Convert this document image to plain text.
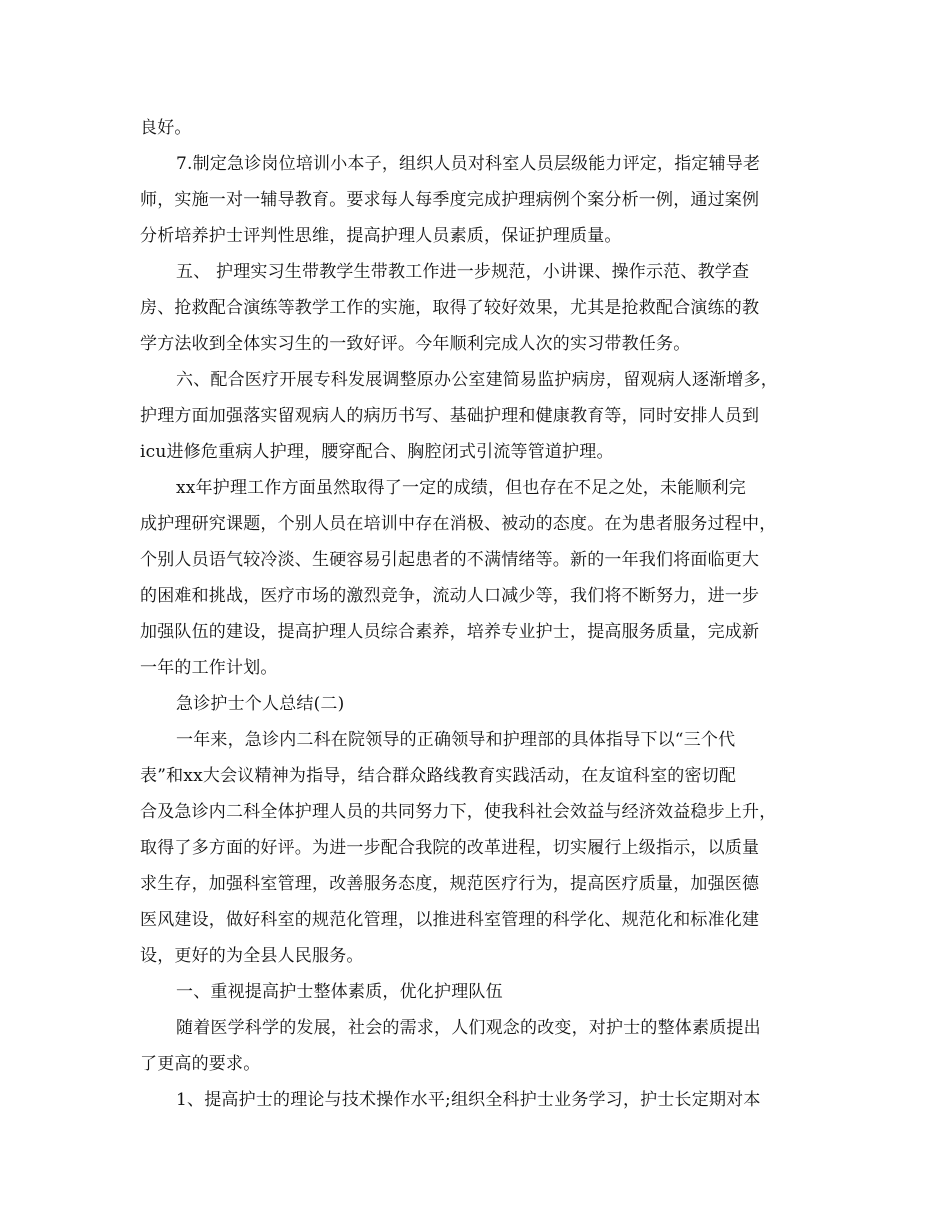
良好。
7.制定急诊岗位培训小本子，组织人员对科室人员层级能力评定，指定辅导老
师，实施一对一辅导教育。要求每人每季度完成护理病例个案分析一例，通过案例
分析培养护士评判性思维，提高护理人员素质，保证护理质量。
五、 护理实习生带教学生带教工作进一步规范，小讲课、操作示范、教学查
房、抢救配合演练等教学工作的实施，取得了较好效果，尤其是抢救配合演练的教
学方法收到全体实习生的一致好评。今年顺利完成人次的实习带教任务。
六、配合医疗开展专科发展调整原办公室建简易监护病房，留观病人逐渐增多，
护理方面加强落实留观病人的病历书写、基础护理和健康教育等，同时安排人员到
icu进修危重病人护理，腰穿配合、胸腔闭式引流等管道护理。
xx年护理工作方面虽然取得了一定的成绩，但也存在不足之处，未能顺利完
成护理研究课题，个别人员在培训中存在消极、被动的态度。在为患者服务过程中，
个别人员语气较冷淡、生硬容易引起患者的不满情绪等。新的一年我们将面临更大
的困难和挑战，医疗市场的激烈竞争，流动人口减少等，我们将不断努力，进一步
加强队伍的建设，提高护理人员综合素养，培养专业护士，提高服务质量，完成新
一年的工作计划。
急诊护士个人总结(二)
一年来，急诊内二科在院领导的正确领导和护理部的具体指导下以“三个代
表”和xx大会议精神为指导，结合群众路线教育实践活动，在友谊科室的密切配
合及急诊内二科全体护理人员的共同努力下，使我科社会效益与经济效益稳步上升，
取得了多方面的好评。为进一步配合我院的改革进程，切实履行上级指示，以质量
求生存，加强科室管理，改善服务态度，规范医疗行为，提高医疗质量，加强医德
医风建设，做好科室的规范化管理，以推进科室管理的科学化、规范化和标准化建
设，更好的为全县人民服务。
一、重视提高护士整体素质，优化护理队伍
随着医学科学的发展，社会的需求，人们观念的改变，对护士的整体素质提出
了更高的要求。
1、提高护士的理论与技术操作水平;组织全科护士业务学习，护士长定期对本
